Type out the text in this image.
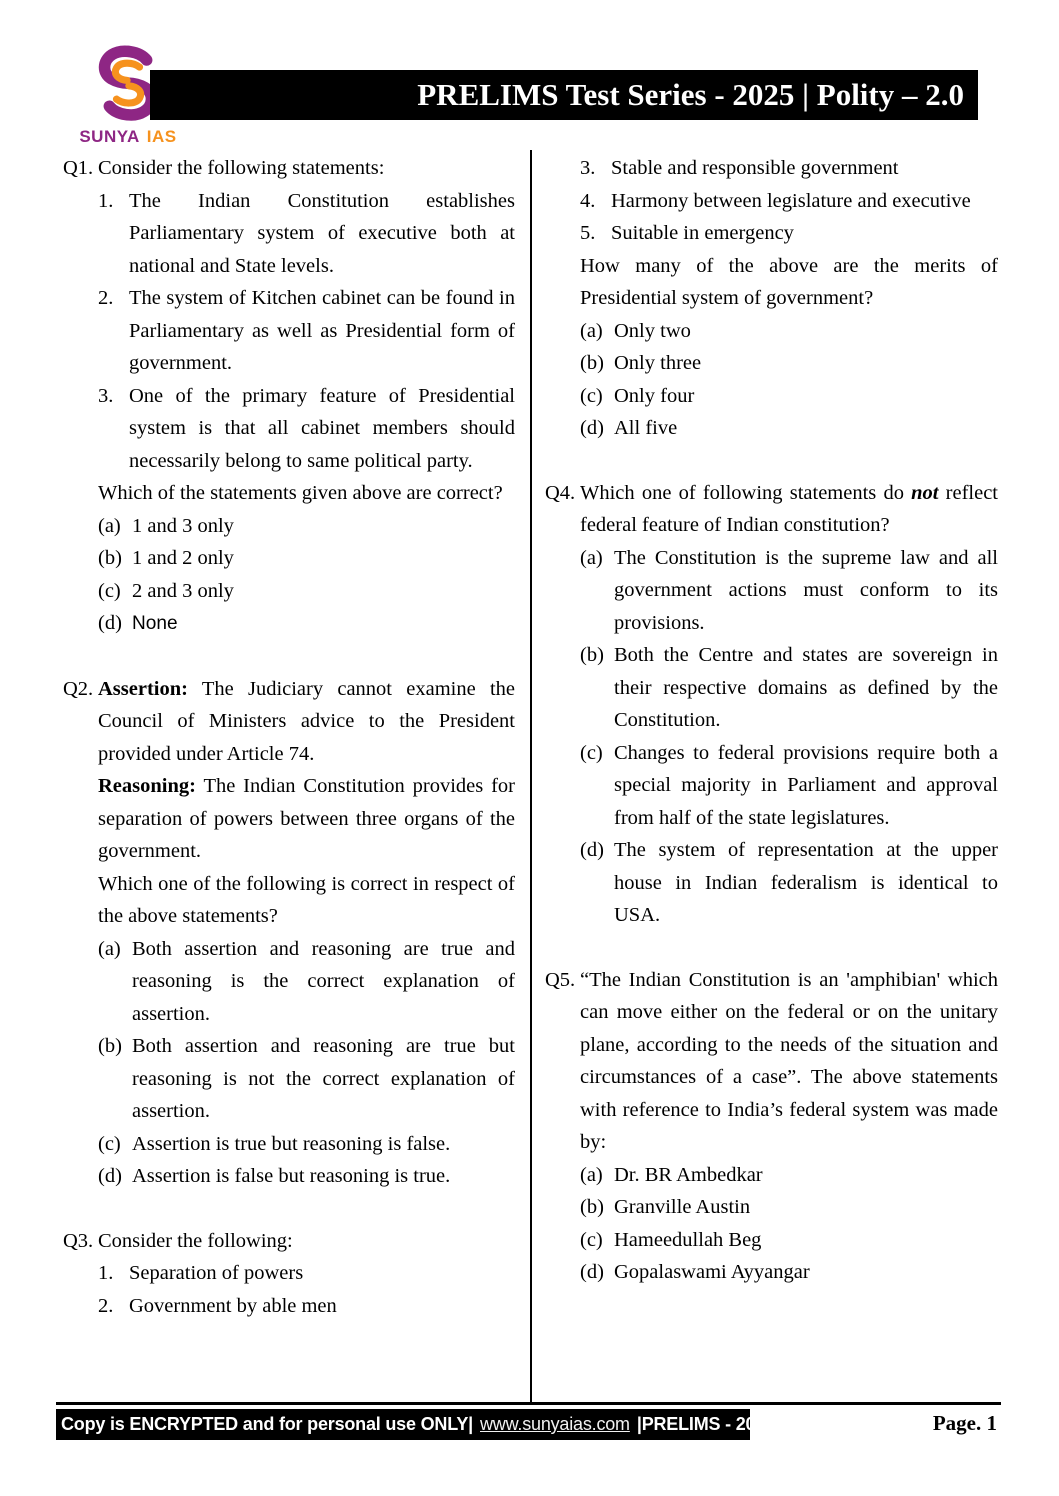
SUNYA IAS
PRELIMS Test Series - 2025 | Polity – 2.0
Q1. Consider the following statements:
1. The Indian Constitution establishes Parliamentary system of executive both at national and State levels.
2. The system of Kitchen cabinet can be found in Parliamentary as well as Presidential form of government.
3. One of the primary feature of Presidential system is that all cabinet members should necessarily belong to same political party.
Which of the statements given above are correct?
(a) 1 and 3 only
(b) 1 and 2 only
(c) 2 and 3 only
(d) None
Q2. Assertion: The Judiciary cannot examine the Council of Ministers advice to the President provided under Article 74.
Reasoning: The Indian Constitution provides for separation of powers between three organs of the government.
Which one of the following is correct in respect of the above statements?
(a) Both assertion and reasoning are true and reasoning is the correct explanation of assertion.
(b) Both assertion and reasoning are true but reasoning is not the correct explanation of assertion.
(c) Assertion is true but reasoning is false.
(d) Assertion is false but reasoning is true.
Q3. Consider the following:
1. Separation of powers
2. Government by able men
3. Stable and responsible government
4. Harmony between legislature and executive
5. Suitable in emergency
How many of the above are the merits of Presidential system of government?
(a) Only two
(b) Only three
(c) Only four
(d) All five
Q4. Which one of following statements do not reflect federal feature of Indian constitution?
(a) The Constitution is the supreme law and all government actions must conform to its provisions.
(b) Both the Centre and states are sovereign in their respective domains as defined by the Constitution.
(c) Changes to federal provisions require both a special majority in Parliament and approval from half of the state legislatures.
(d) The system of representation at the upper house in Indian federalism is identical to USA.
Q5. “The Indian Constitution is an 'amphibian' which can move either on the federal or on the unitary plane, according to the needs of the situation and circumstances of a case”. The above statements with reference to India’s federal system was made by:
(a) Dr. BR Ambedkar
(b) Granville Austin
(c) Hameedullah Beg
(d) Gopalaswami Ayyangar
Copy is ENCRYPTED and for personal use ONLY| www.sunyaias.com |PRELIMS - 2025	Page. 1
